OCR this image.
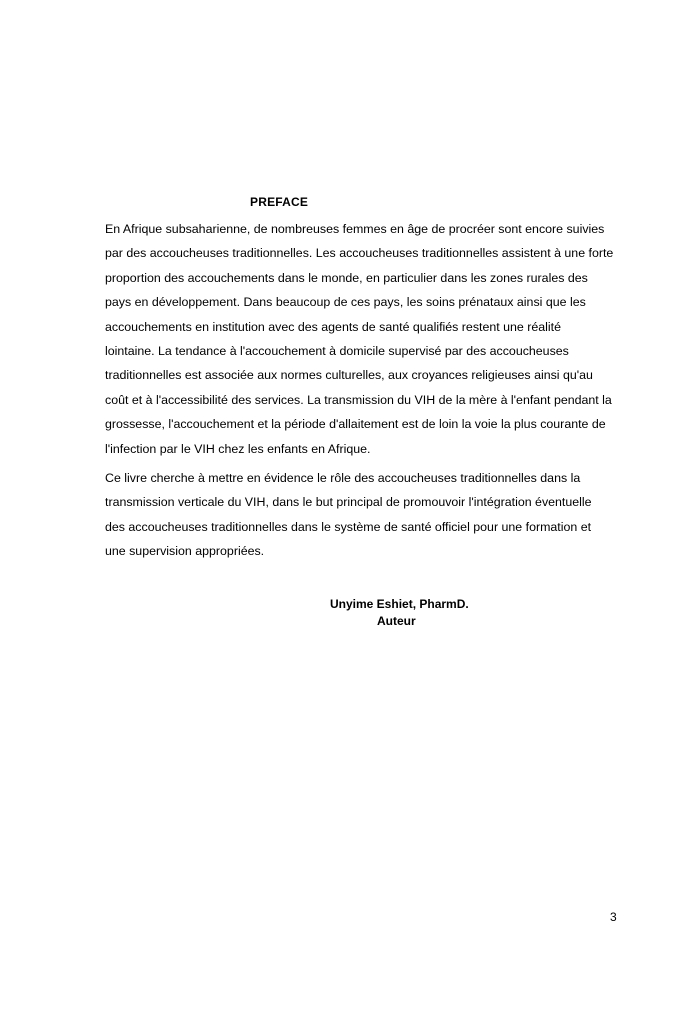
PREFACE

En Afrique subsaharienne, de nombreuses femmes en âge de procréer sont encore suivies
par des accoucheuses traditionnelles. Les accoucheuses traditionnelles assistent à une forte
proportion des accouchements dans le monde, en particulier dans les zones rurales des
pays en développement. Dans beaucoup de ces pays, les soins prénataux ainsi que les
accouchements en institution avec des agents de santé qualifiés restent une réalité
lointaine. La tendance à l'accouchement à domicile supervisé par des accoucheuses
traditionnelles est associée aux normes culturelles, aux croyances religieuses ainsi qu'au
coût et à l'accessibilité des services. La transmission du VIH de la mère à l'enfant pendant la
grossesse, l'accouchement et la période d'allaitement est de loin la voie la plus courante de
l'infection par le VIH chez les enfants en Afrique.

Ce livre cherche à mettre en évidence le rôle des accoucheuses traditionnelles dans la
transmission verticale du VIH, dans le but principal de promouvoir l'intégration éventuelle
des accoucheuses traditionnelles dans le système de santé officiel pour une formation et
une supervision appropriées.

Unyime Eshiet, PharmD.
Auteur
3
